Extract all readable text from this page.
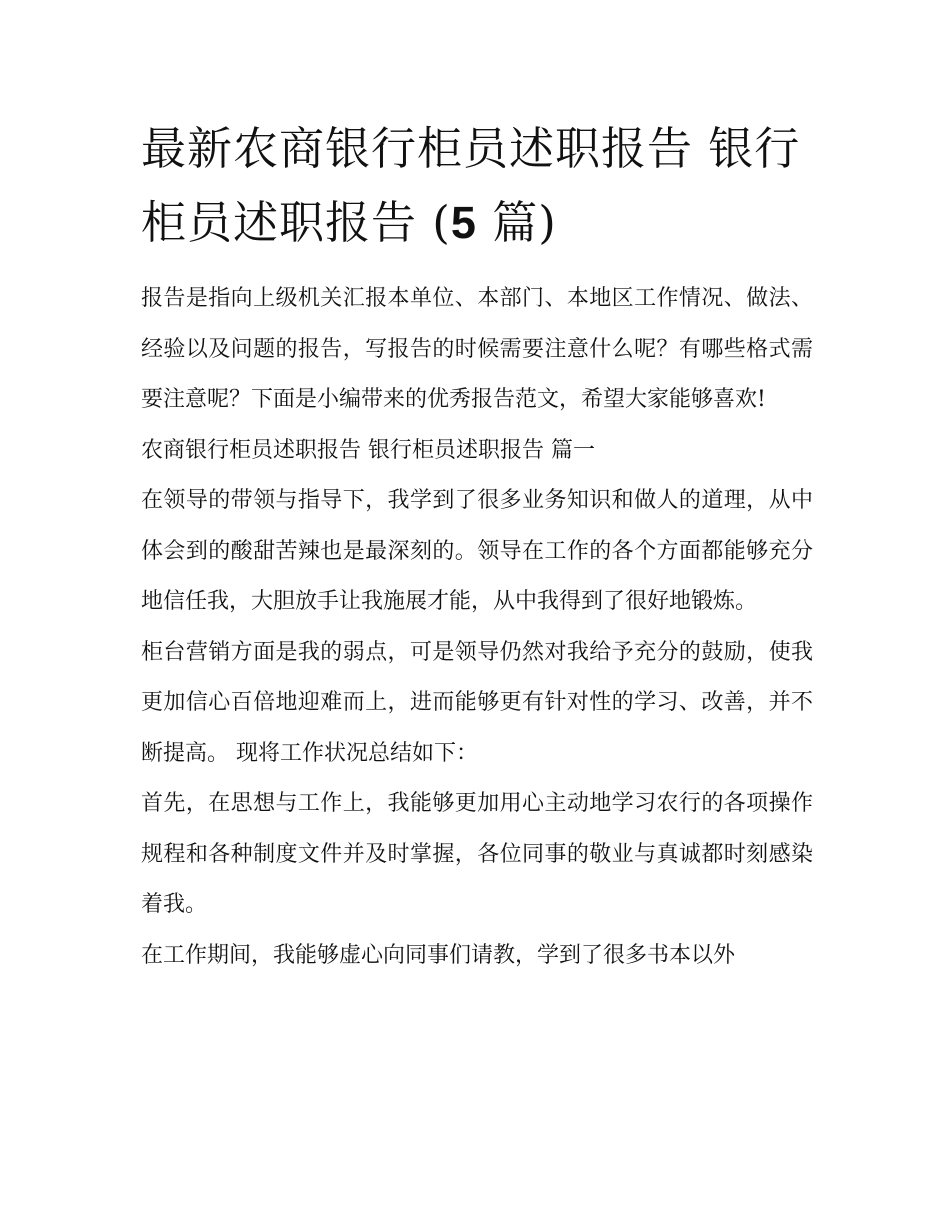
最新农商银行柜员述职报告 银行柜员述职报告 (5 篇)

报告是指向上级机关汇报本单位、本部门、本地区工作情况、做法、经验以及问题的报告，写报告的时候需要注意什么呢？有哪些格式需要注意呢？下面是小编带来的优秀报告范文，希望大家能够喜欢!

农商银行柜员述职报告 银行柜员述职报告 篇一

在领导的带领与指导下，我学到了很多业务知识和做人的道理，从中体会到的酸甜苦辣也是最深刻的。领导在工作的各个方面都能够充分地信任我，大胆放手让我施展才能，从中我得到了很好地锻炼。

柜台营销方面是我的弱点，可是领导仍然对我给予充分的鼓励，使我更加信心百倍地迎难而上，进而能够更有针对性的学习、改善，并不断提高。 现将工作状况总结如下：

首先，在思想与工作上，我能够更加用心主动地学习农行的各项操作规程和各种制度文件并及时掌握，各位同事的敬业与真诚都时刻感染着我。

在工作期间，我能够虚心向同事们请教，学到了很多书本以外
